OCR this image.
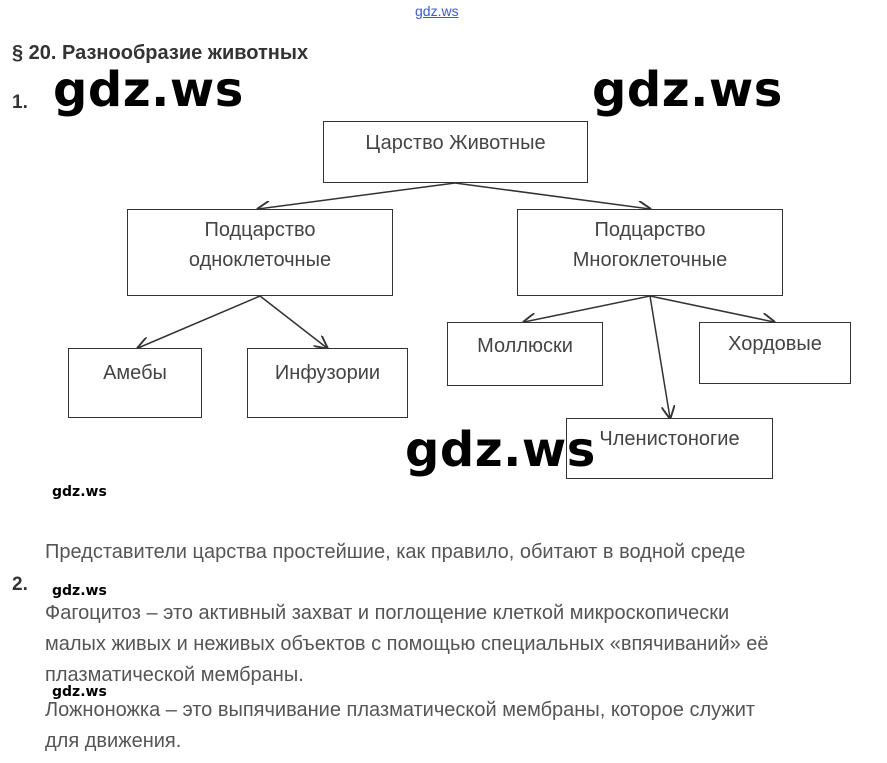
gdz.ws
§ 20. Разнообразие животных
1.
Царство Животные
Подцарство
одноклеточные
Подцарство
Многоклеточные
Амебы	Инфузории
Моллюски	Хордовые
Членистоногие
gdz.ws	gdz.ws
gdz.ws
gdz.ws
gdz.ws
gdz.ws
2.
Представители царства простейшие, как правило, обитают в водной среде
Фагоцитоз – это активный захват и поглощение клеткой микроскопически
малых живых и неживых объектов с помощью специальных «впячиваний» её
плазматической мембраны.
Ложноножка – это выпячивание плазматической мембраны, которое служит
для движения.
